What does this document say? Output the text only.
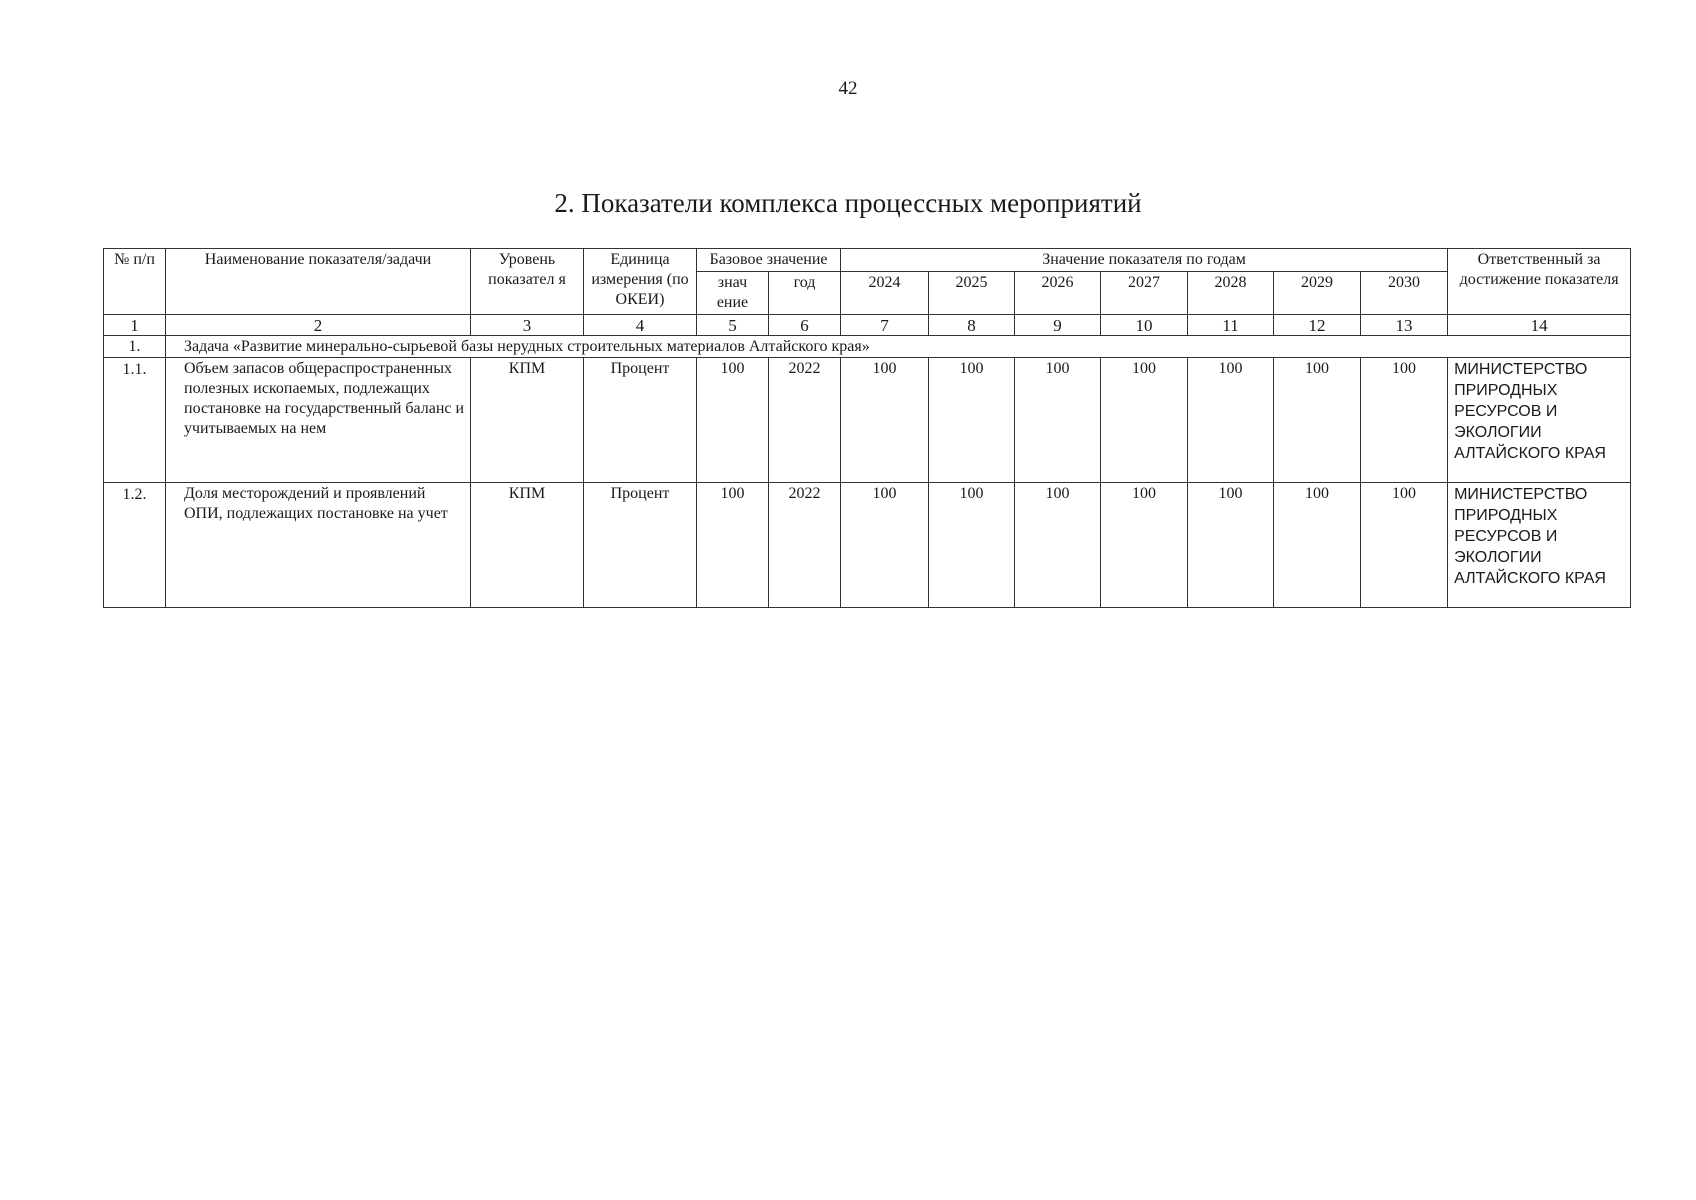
42
2. Показатели комплекса процессных мероприятий
№ п/п	Наименование показателя/задачи	Уровень показател я	Единица измерения (по ОКЕИ)	Базовое значение		Значение показателя по годам							Ответственный за достижение показателя
				знач ение	год	2024	2025	2026	2027	2028	2029	2030	
1	2	3	4	5	6	7	8	9	10	11	12	13	14
1.	Задача «Развитие минерально-сырьевой базы нерудных строительных материалов Алтайского края»												
1.1.	Объем запасов общераспространенных полезных ископаемых, подлежащих постановке на государственный баланс и учитываемых на нем	КПМ	Процент	100	2022	100	100	100	100	100	100	100	МИНИСТЕРСТВО ПРИРОДНЫХ РЕСУРСОВ И ЭКОЛОГИИ АЛТАЙСКОГО КРАЯ
1.2.	Доля месторождений и проявлений ОПИ, подлежащих постановке на учет	КПМ	Процент	100	2022	100	100	100	100	100	100	100	МИНИСТЕРСТВО ПРИРОДНЫХ РЕСУРСОВ И ЭКОЛОГИИ АЛТАЙСКОГО КРАЯ
